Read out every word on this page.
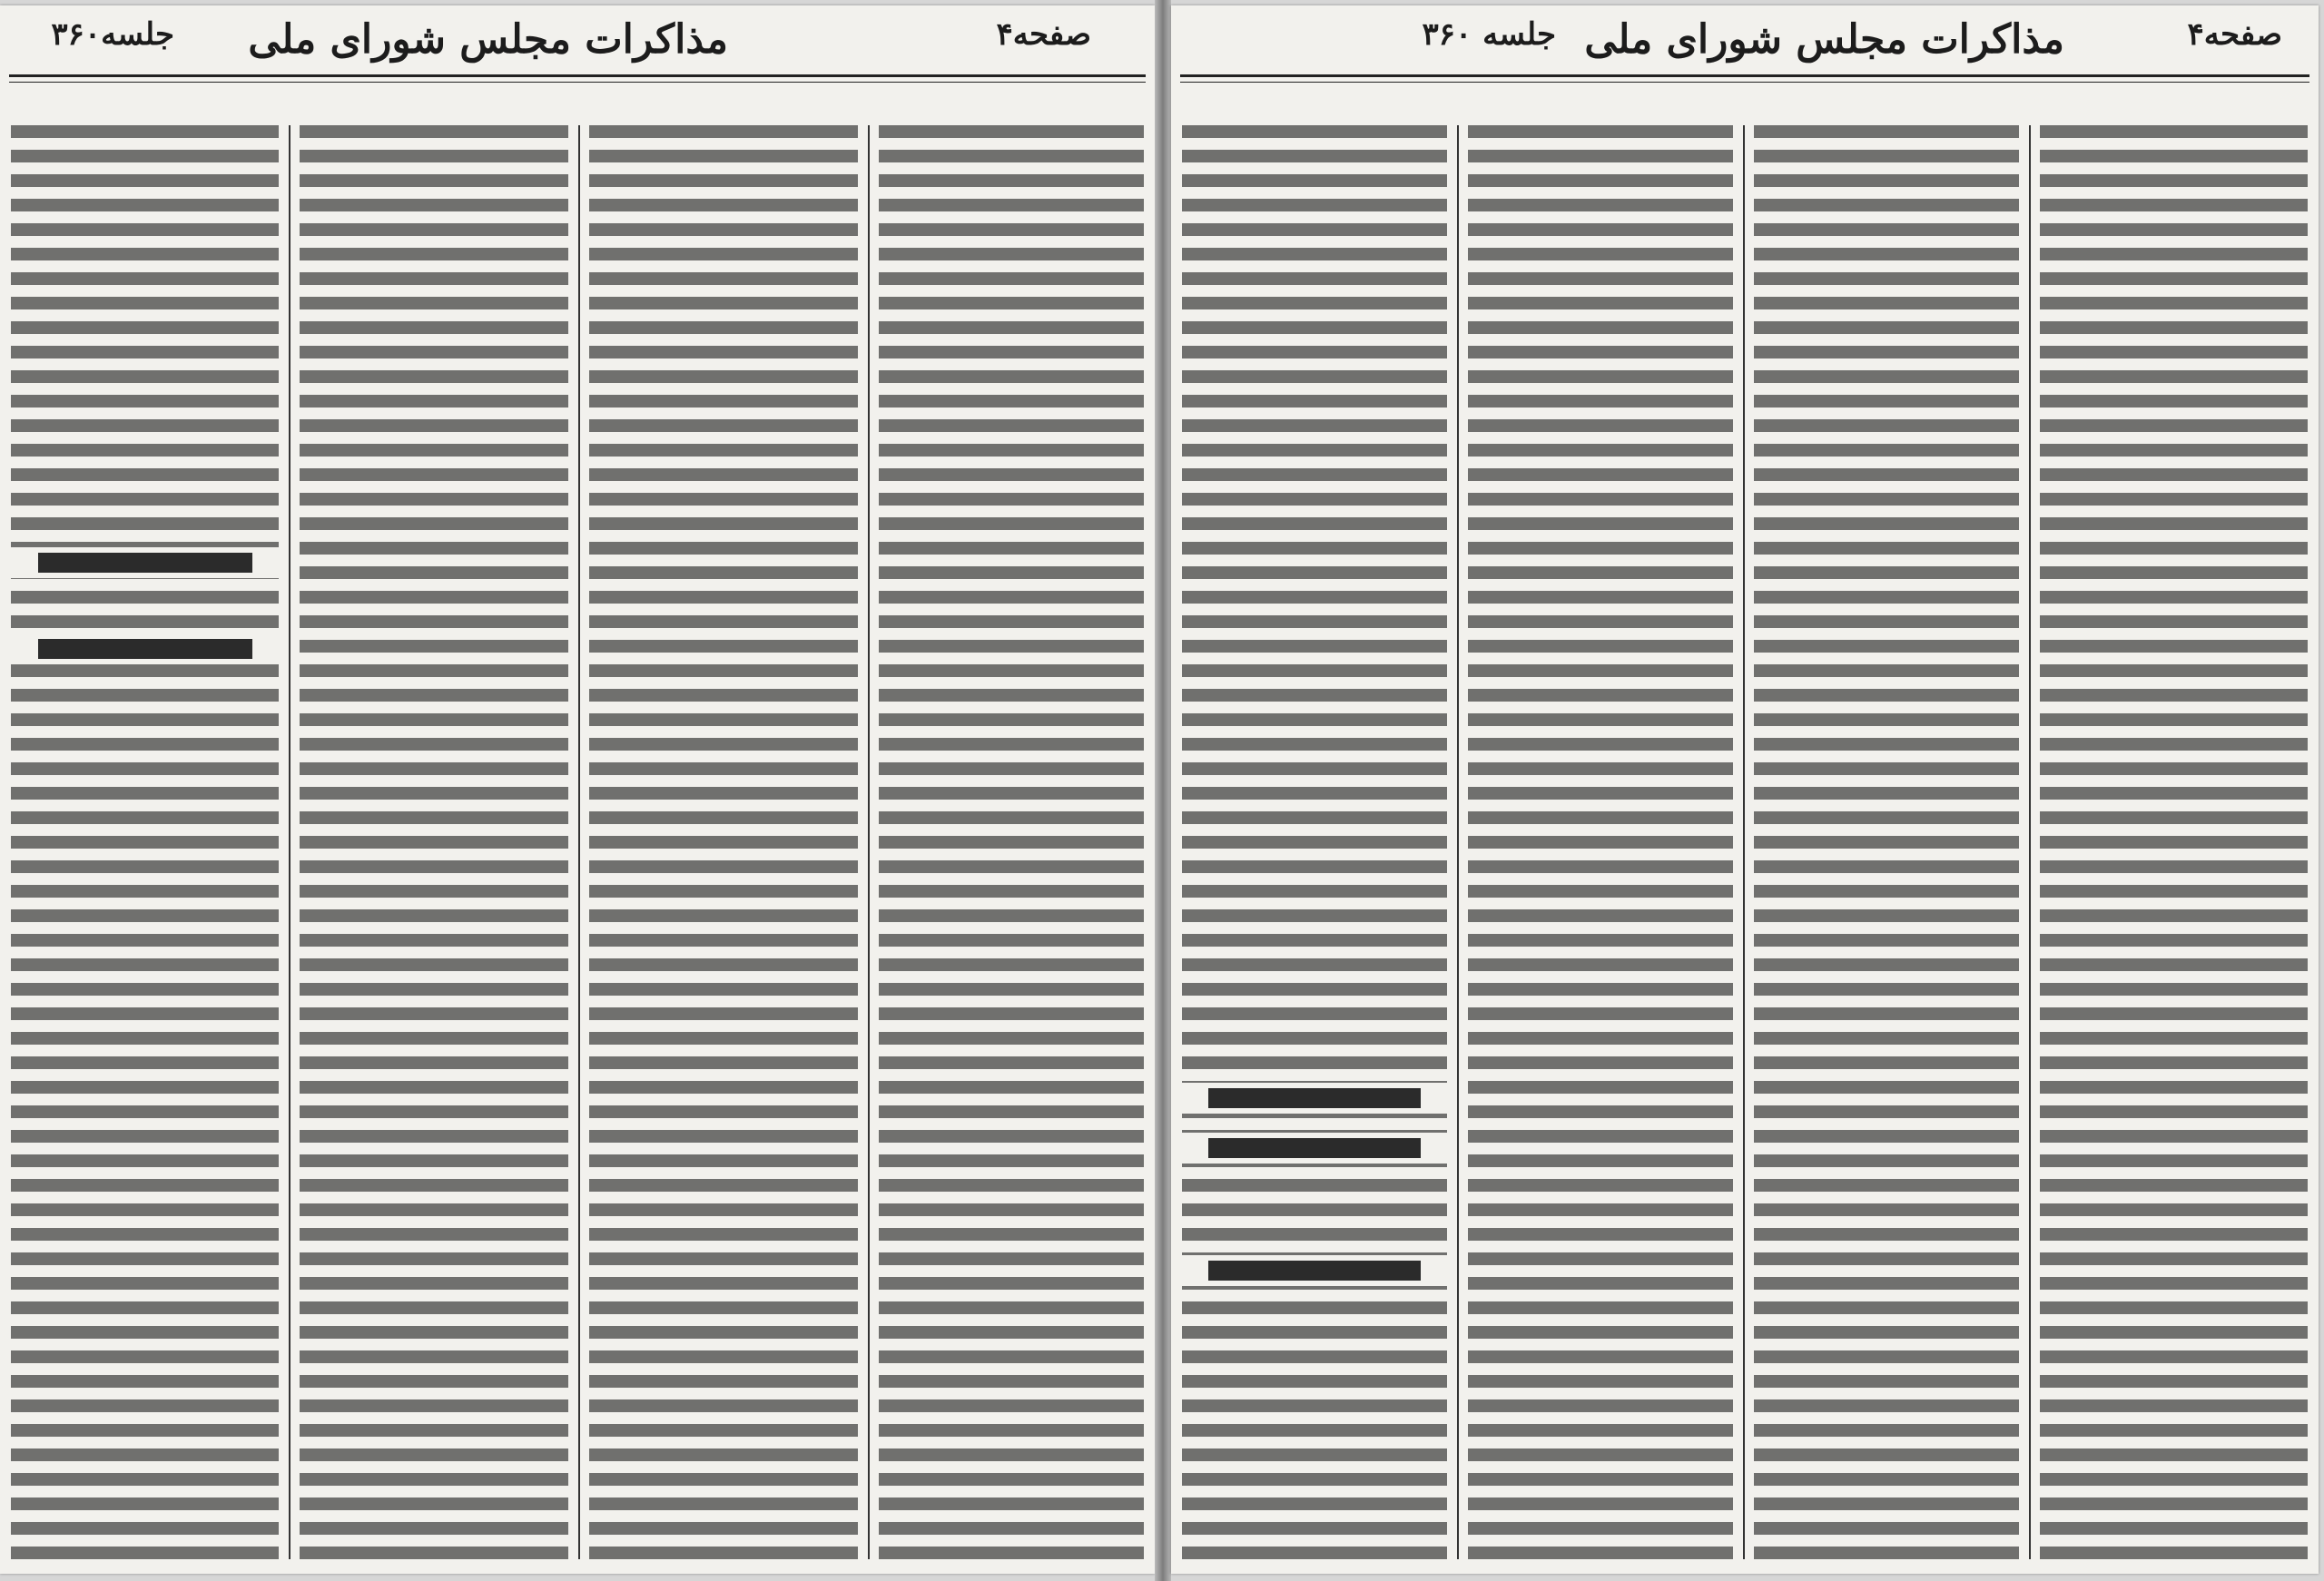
جلسه۳۶۰ مذاکرات مجلس شورای ملی	صفحه۴	جلسه ۳۶۰ مذاکرات مجلس شورای ملی	صفحه۴
